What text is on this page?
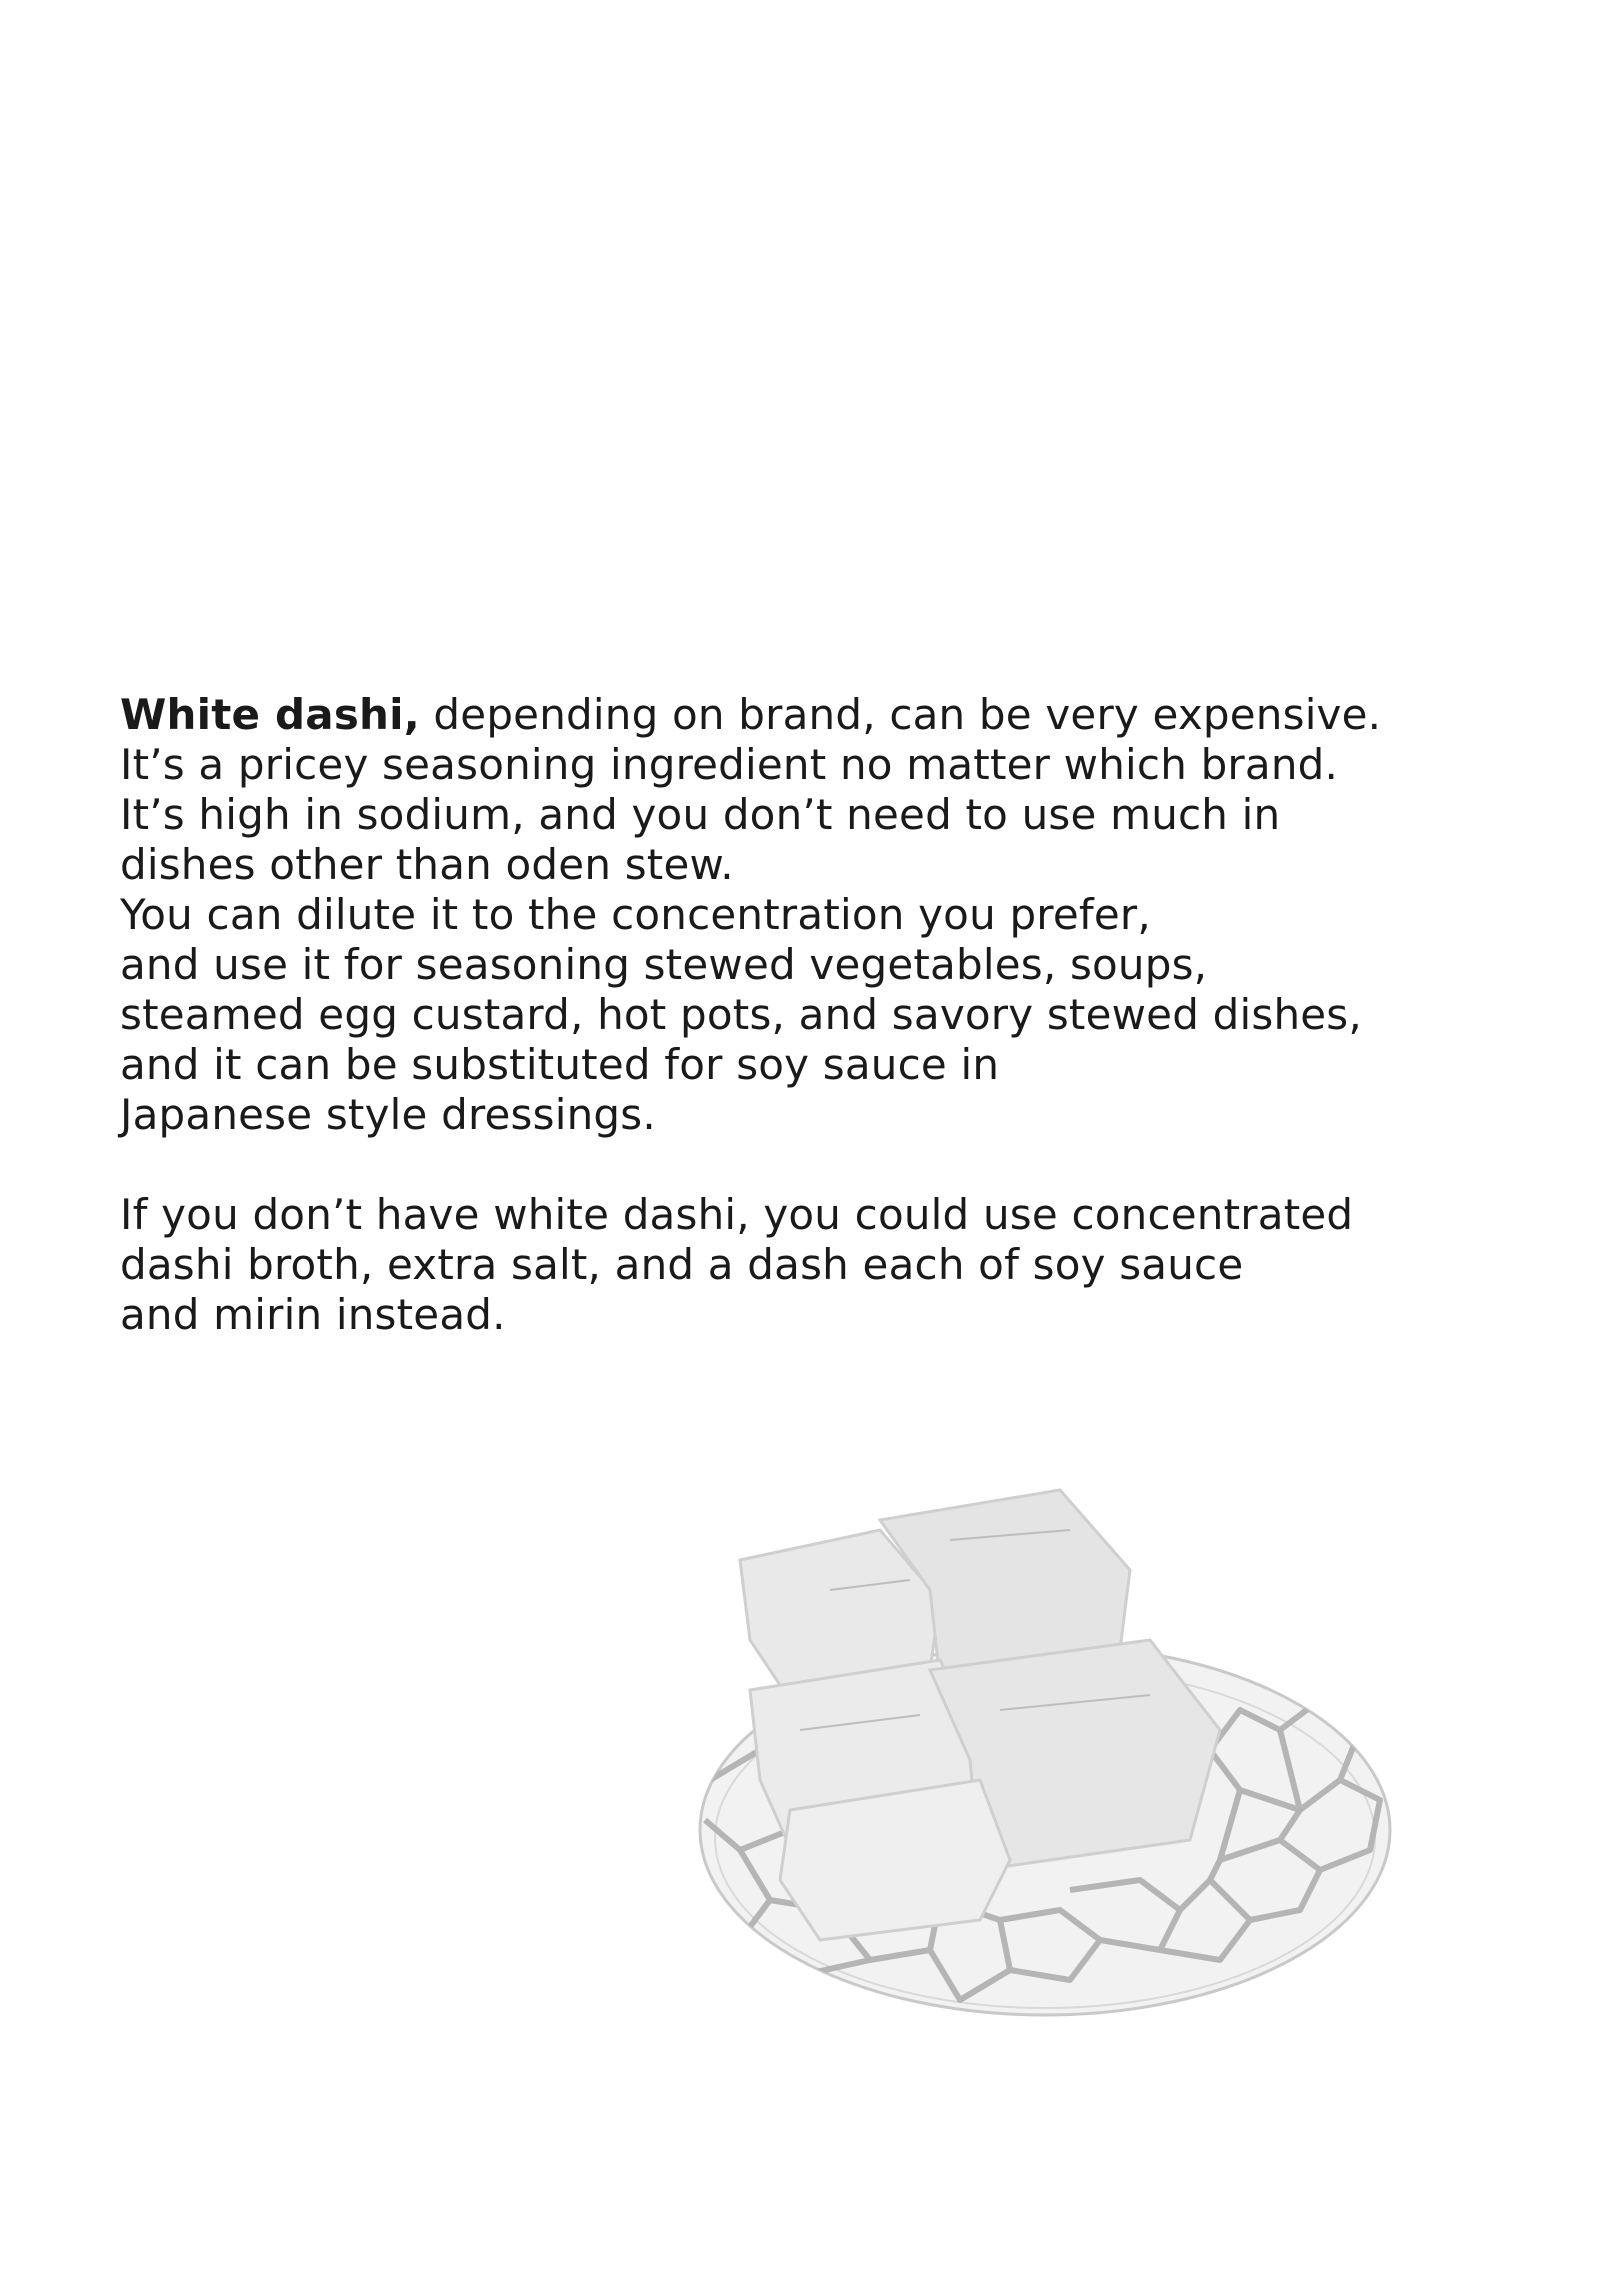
White dashi, depending on brand, can be very expensive.
It’s a pricey seasoning ingredient no matter which brand.
It’s high in sodium, and you don’t need to use much in
dishes other than oden stew.
You can dilute it to the concentration you prefer,
and use it for seasoning stewed vegetables, soups,
steamed egg custard, hot pots, and savory stewed dishes,
and it can be substituted for soy sauce in
Japanese style dressings.
If you don’t have white dashi, you could use concentrated
dashi broth, extra salt, and a dash each of soy sauce
and mirin instead.
